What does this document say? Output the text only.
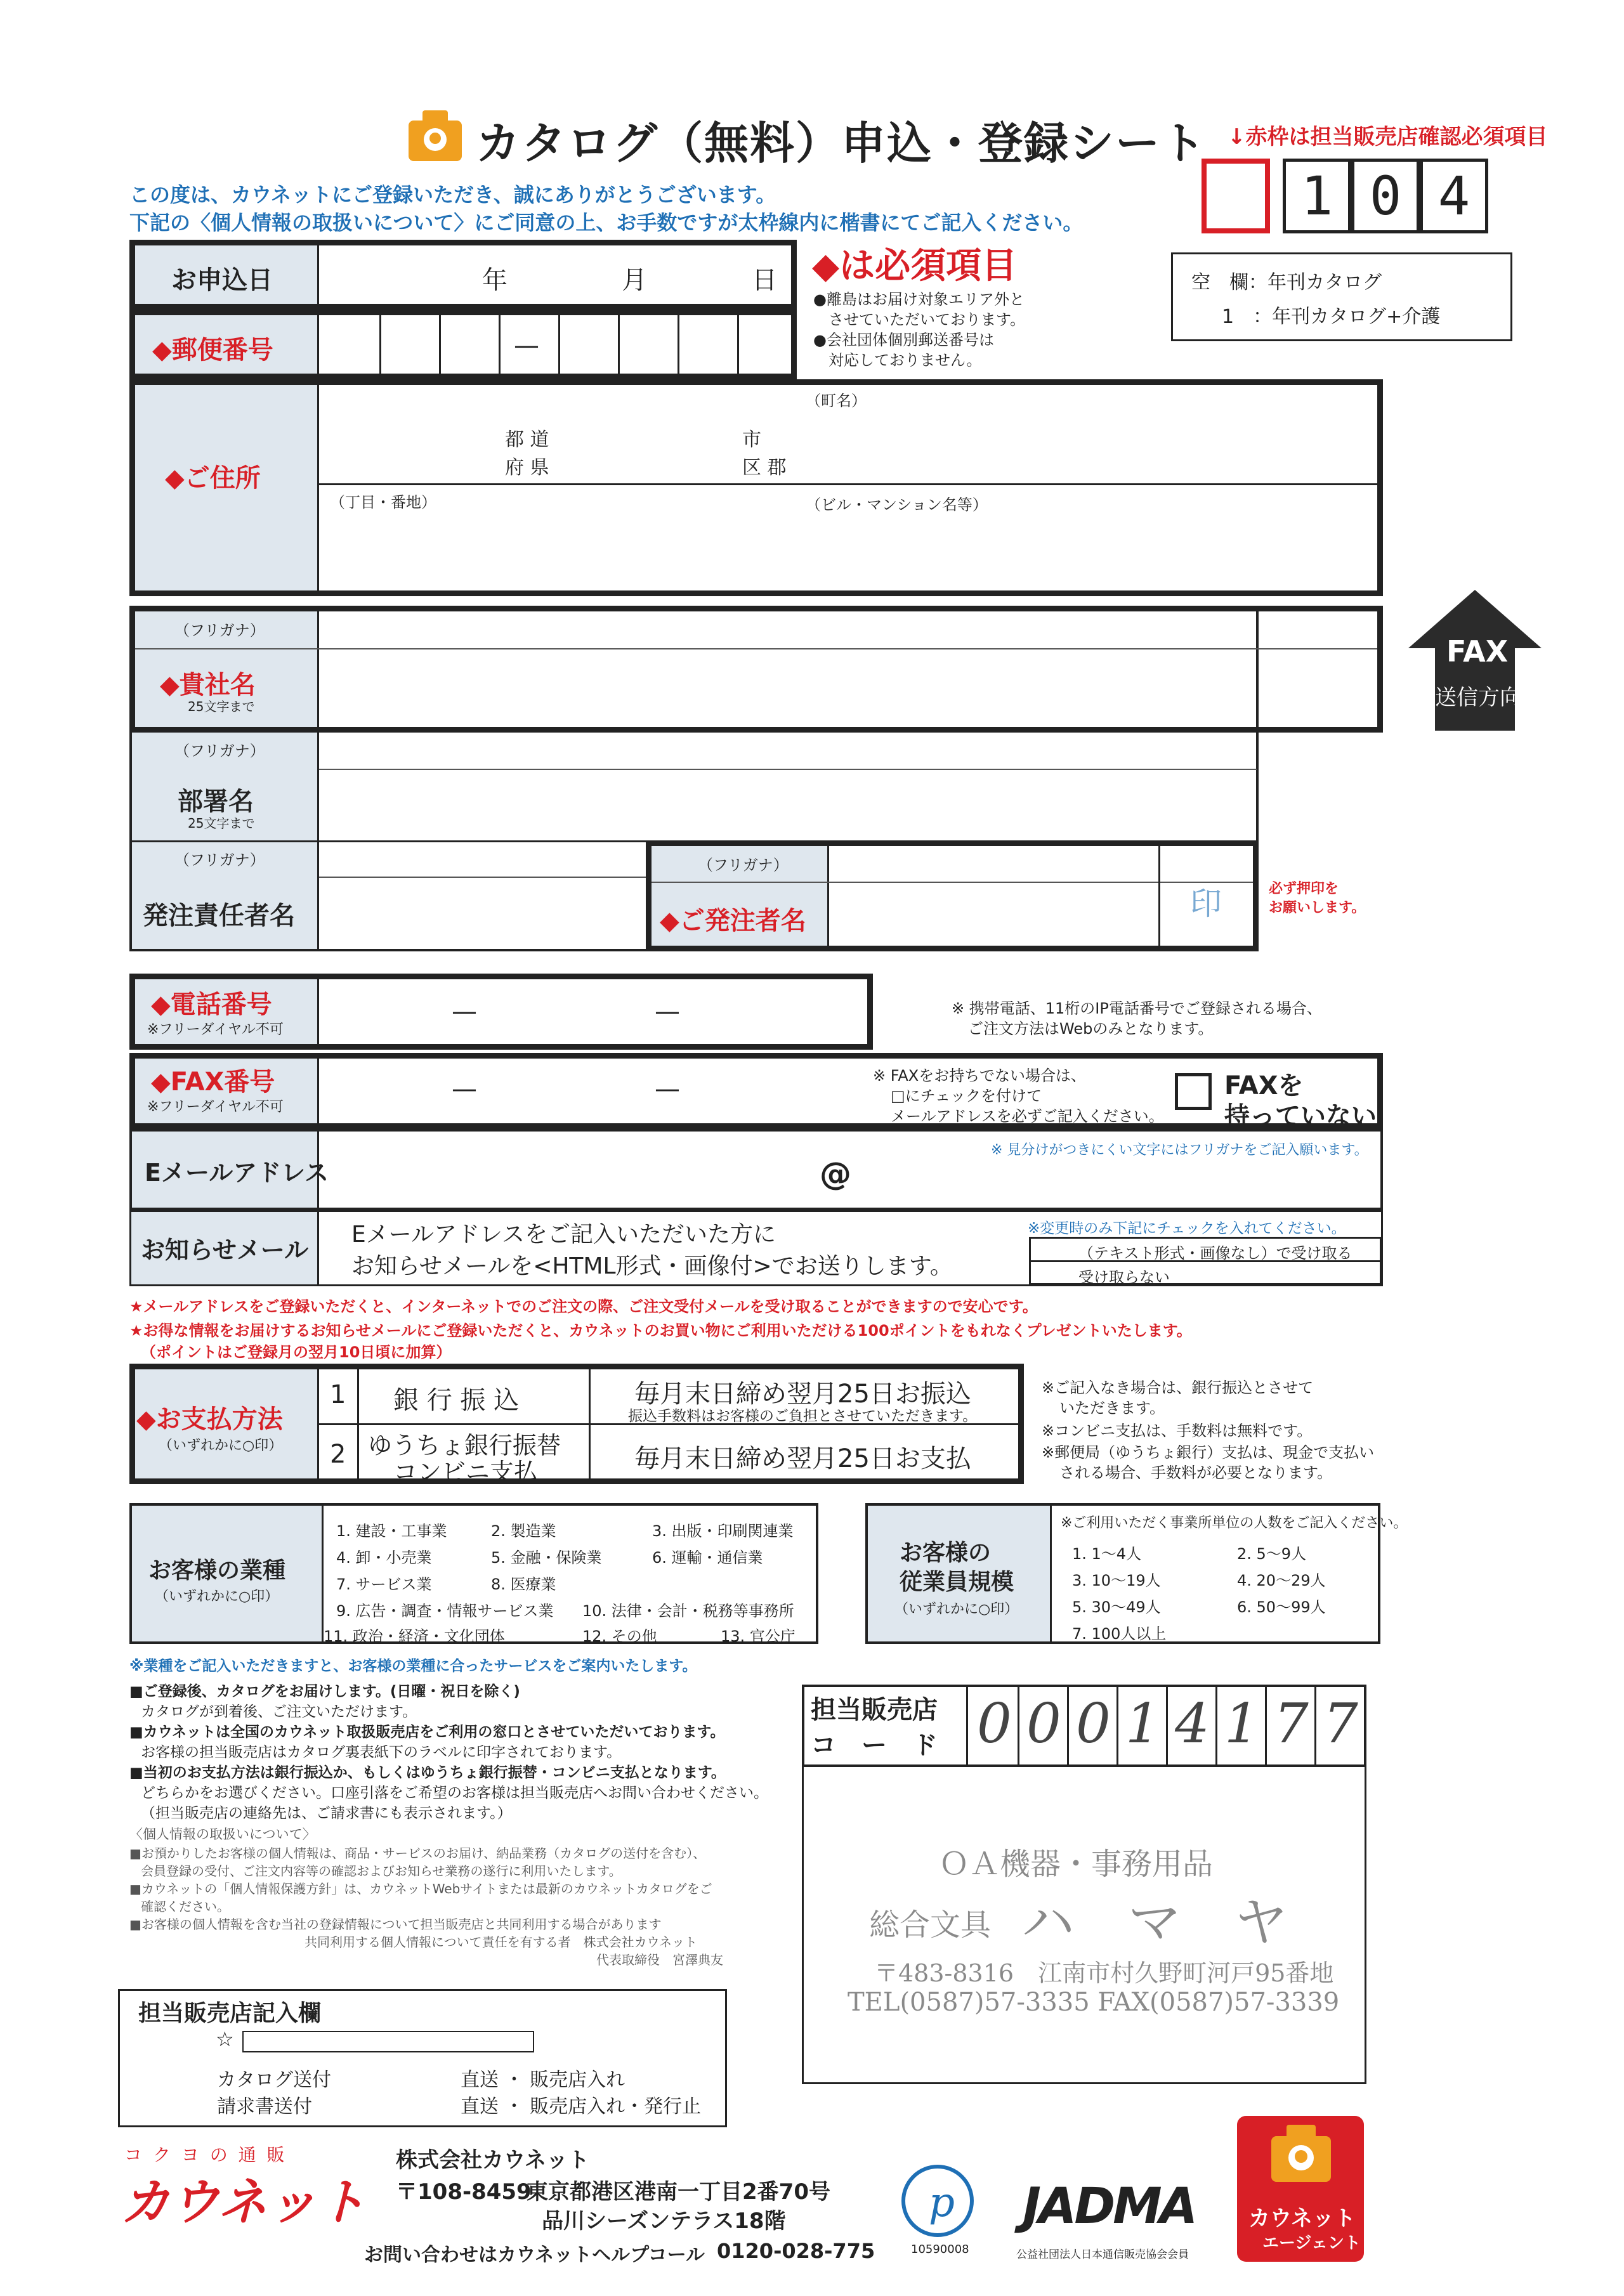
カタログ（無料）申込・登録シート ↓赤枠は担当販売店確認必須項目
1 0 4
この度は、カウネットにご登録いただき、誠にありがとうございます。
下記の〈個人情報の取扱いについて〉にご同意の上、お手数ですが太枠線内に楷書にてご記入ください。
お申込日	年	月	日
◆郵便番号	—
◆は必須項目
●離島はお届け対象エリア外と
させていただいております。
●会社団体個別郵送番号は
対応しておりません。
空　欄：年刊カタログ
1　：年刊カタログ+介護
◆ご住所
（町名）
都 道
府 県
市
区 郡
（丁目・番地）	（ビル・マンション名等）
FAX
送信方向
（フリガナ）
◆貴社名
25文字まで
（フリガナ）
部署名
25文字まで
（フリガナ）
発注責任者名
（フリガナ）
◆ご発注者名	印	必ず押印を
お願いします。
◆電話番号
※フリーダイヤル不可
—	—	※ 携帯電話、11桁のIP電話番号でご登録される場合、
ご注文方法はWebのみとなります。
◆FAX番号
※フリーダイヤル不可
—	—	※ FAXをお持ちでない場合は、
□にチェックを付けて
メールアドレスを必ずご記入ください。
FAXを
持っていない
Eメールアドレス	@
※ 見分けがつきにくい文字にはフリガナをご記入願います。
お知らせメール
Eメールアドレスをご記入いただいた方に
お知らせメールを<HTML形式・画像付>でお送りします。
※変更時のみ下記にチェックを入れてください。
（テキスト形式・画像なし）で受け取る
受け取らない
★メールアドレスをご登録いただくと、インターネットでのご注文の際、ご注文受付メールを受け取ることができますので安心です。
★お得な情報をお届けするお知らせメールにご登録いただくと、カウネットのお買い物にご利用いただける100ポイントをもれなくプレゼントいたします。
（ポイントはご登録月の翌月10日頃に加算）
◆お支払方法
（いずれかに○印）
1 銀 行 振 込	毎月末日締め翌月25日お振込
振込手数料はお客様のご負担とさせていただきます。
2 ゆうちょ銀行振替
コンビニ支払	毎月末日締め翌月25日お支払
※ご記入なき場合は、銀行振込とさせて
いただきます。
※コンビニ支払は、手数料は無料です。
※郵便局（ゆうちょ銀行）支払は、現金で支払い
される場合、手数料が必要となります。
お客様の業種
（いずれかに○印）
1. 建設・工事業	2. 製造業	3. 出版・印刷関連業
4. 卸・小売業	5. 金融・保険業	6. 運輸・通信業
7. サービス業	8. 医療業
9. 広告・調査・情報サービス業 10. 法律・会計・税務等事務所
11. 政治・経済・文化団体	12. その他	13. 官公庁
お客様の
従業員規模
（いずれかに○印）
※ご利用いただく事業所単位の人数をご記入ください。
1. 1〜4人	2. 5〜9人
3. 10〜19人	4. 20〜29人
5. 30〜49人	6. 50〜99人
7. 100人以上
※業種をご記入いただきますと、お客様の業種に合ったサービスをご案内いたします。
■ご登録後、カタログをお届けします。(日曜・祝日を除く)
カタログが到着後、ご注文いただけます。
■カウネットは全国のカウネット取扱販売店をご利用の窓口とさせていただいております。
お客様の担当販売店はカタログ裏表紙下のラベルに印字されております。
■当初のお支払方法は銀行振込か、もしくはゆうちょ銀行振替・コンビニ支払となります。
どちらかをお選びください。口座引落をご希望のお客様は担当販売店へお問い合わせください。
（担当販売店の連絡先は、ご請求書にも表示されます。）
〈個人情報の取扱いについて〉
■お預かりしたお客様の個人情報は、商品・サービスのお届け、納品業務（カタログの送付を含む）、
会員登録の受付、ご注文内容等の確認およびお知らせ業務の遂行に利用いたします。
■カウネットの「個人情報保護方針」は、カウネットWebサイトまたは最新のカウネットカタログをご
確認ください。
■お客様の個人情報を含む当社の登録情報について担当販売店と共同利用する場合があります
共同利用する個人情報について責任を有する者　株式会社カウネット
代表取締役　宮澤典友
担当販売店
コ　ー　ド 0 0 0 1 4 1 7 7
ＯＡ機器・事務用品
総合文具 ハ　マ　ヤ
〒483-8316　江南市村久野町河戸95番地
TEL(0587)57-3335 FAX(0587)57-3339
担当販売店記入欄
☆
カタログ送付
請求書送付
直送 ・ 販売店入れ
直送 ・ 販売店入れ・発行止
コ ク ヨ の 通 販
カウネット
株式会社カウネット
〒108-8459
東京都港区港南一丁目2番70号
品川シーズンテラス18階
お問い合わせはカウネットヘルプコール 0120-028-775
p
10590008
JADMA
公益社団法人日本通信販売協会会員
カウネット
エージェント
